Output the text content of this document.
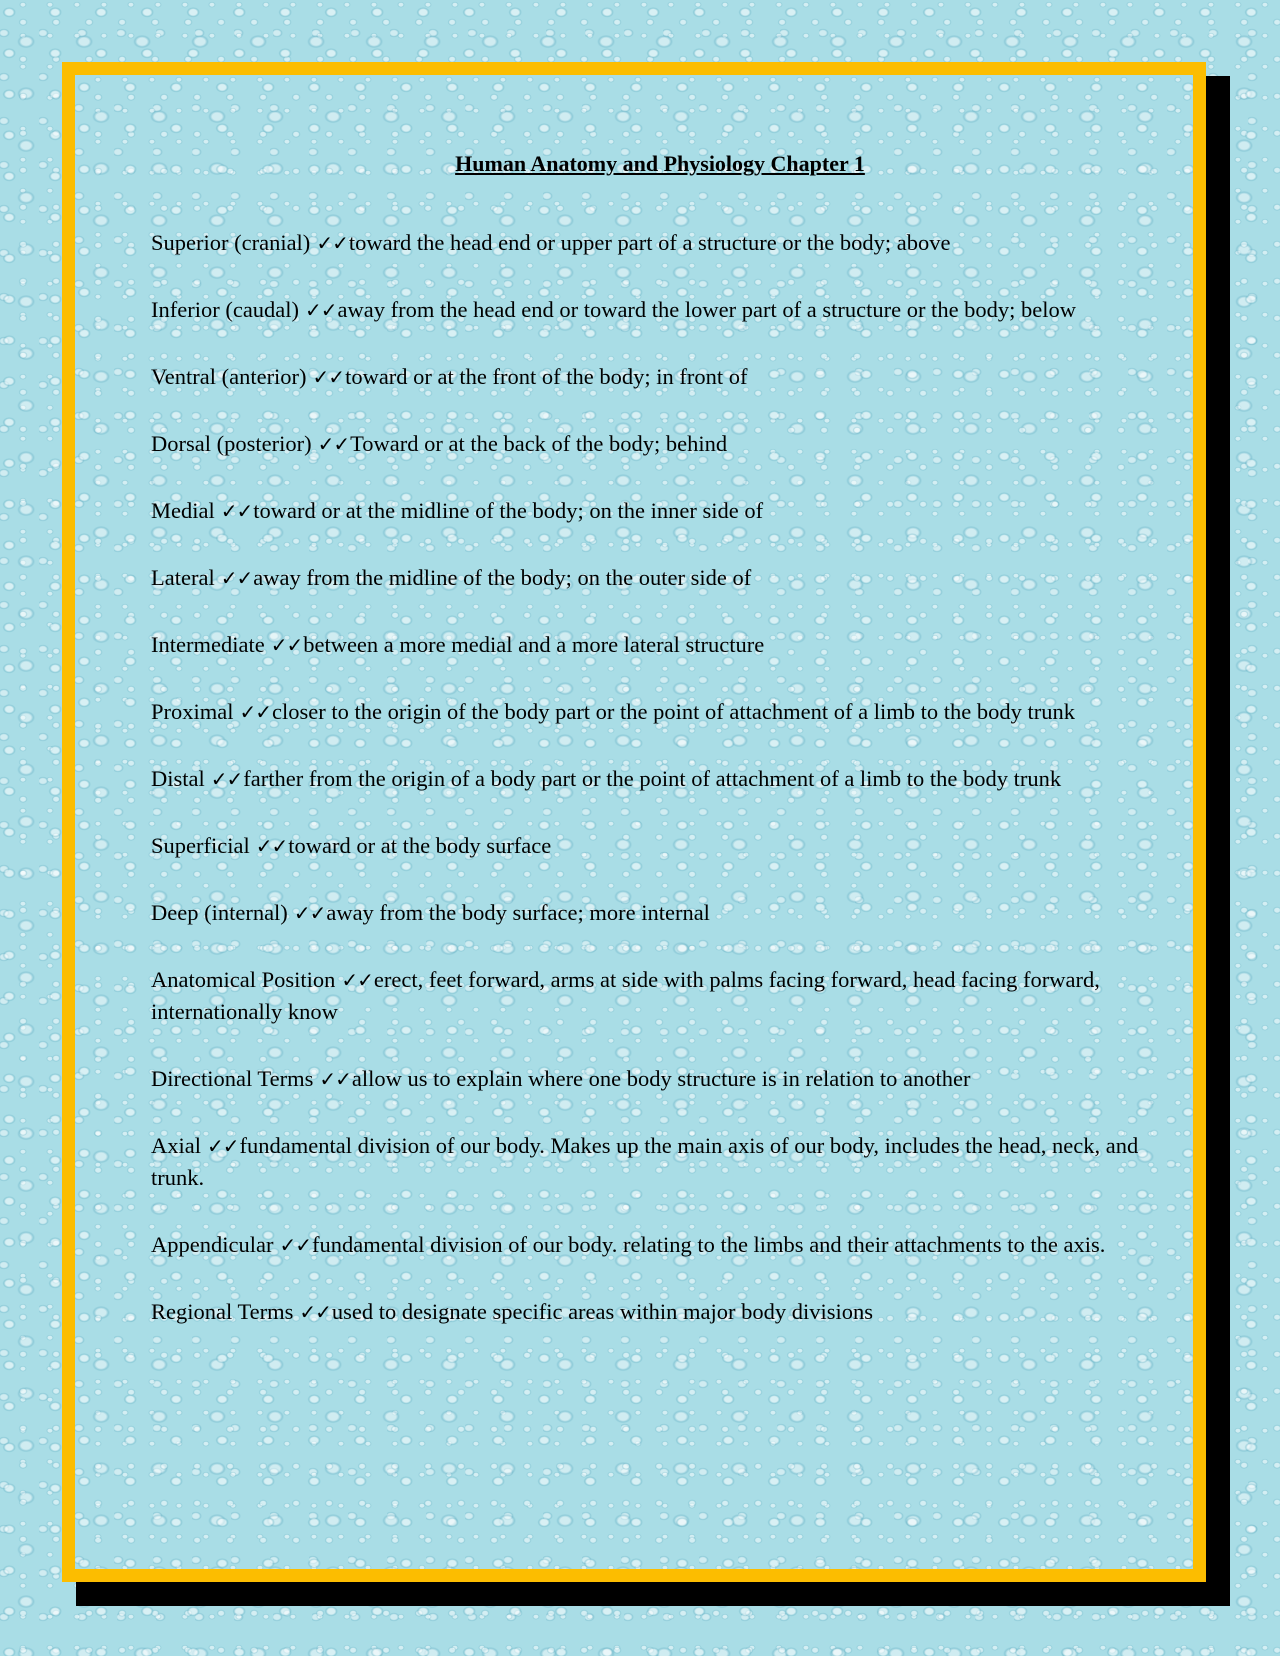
Human Anatomy and Physiology Chapter 1
Superior (cranial) ✓✓toward the head end or upper part of a structure or the body; above
Inferior (caudal) ✓✓away from the head end or toward the lower part of a structure or the body; below
Ventral (anterior) ✓✓toward or at the front of the body; in front of
Dorsal (posterior) ✓✓Toward or at the back of the body; behind
Medial ✓✓toward or at the midline of the body; on the inner side of
Lateral ✓✓away from the midline of the body; on the outer side of
Intermediate ✓✓between a more medial and a more lateral structure
Proximal ✓✓closer to the origin of the body part or the point of attachment of a limb to the body trunk
Distal ✓✓farther from the origin of a body part or the point of attachment of a limb to the body trunk
Superficial ✓✓toward or at the body surface
Deep (internal) ✓✓away from the body surface; more internal
Anatomical Position ✓✓erect, feet forward, arms at side with palms facing forward, head facing forward, internationally know
Directional Terms ✓✓allow us to explain where one body structure is in relation to another
Axial ✓✓fundamental division of our body. Makes up the main axis of our body, includes the head, neck, and trunk.
Appendicular ✓✓fundamental division of our body. relating to the limbs and their attachments to the axis.
Regional Terms ✓✓used to designate specific areas within major body divisions
